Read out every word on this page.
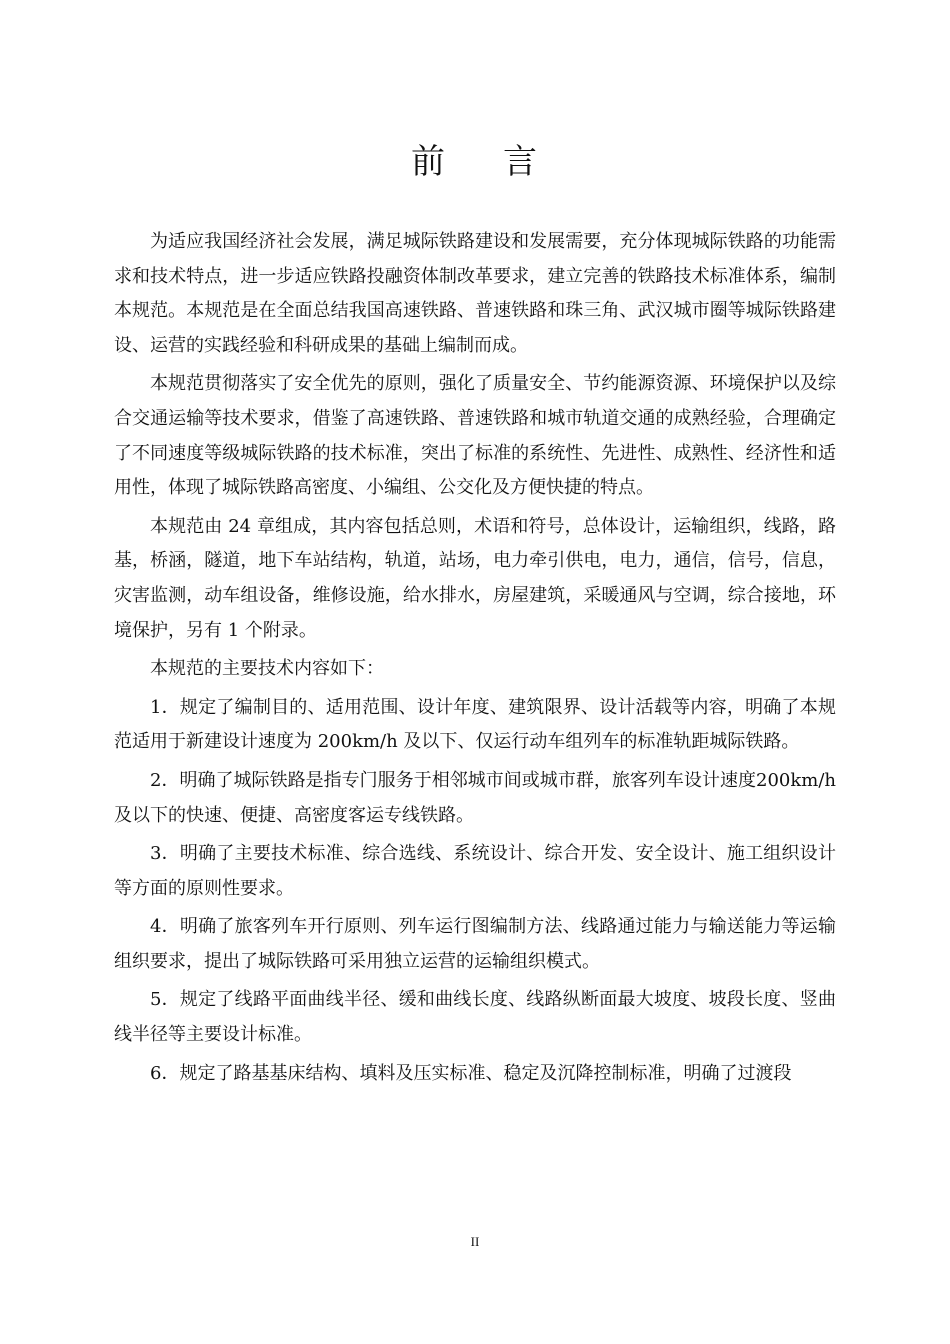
前 言

为适应我国经济社会发展，满足城际铁路建设和发展需要，充分体现城际铁路的功能需求和技术特点，进一步适应铁路投融资体制改革要求，建立完善的铁路技术标准体系，编制本规范。本规范是在全面总结我国高速铁路、普速铁路和珠三角、武汉城市圈等城际铁路建设、运营的实践经验和科研成果的基础上编制而成。

本规范贯彻落实了安全优先的原则，强化了质量安全、节约能源资源、环境保护以及综合交通运输等技术要求，借鉴了高速铁路、普速铁路和城市轨道交通的成熟经验，合理确定了不同速度等级城际铁路的技术标准，突出了标准的系统性、先进性、成熟性、经济性和适用性，体现了城际铁路高密度、小编组、公交化及方便快捷的特点。

本规范由 24 章组成，其内容包括总则，术语和符号，总体设计，运输组织，线路，路基，桥涵，隧道，地下车站结构，轨道，站场，电力牵引供电，电力，通信，信号，信息，灾害监测，动车组设备，维修设施，给水排水，房屋建筑，采暖通风与空调，综合接地，环境保护，另有 1 个附录。

本规范的主要技术内容如下：

1．规定了编制目的、适用范围、设计年度、建筑限界、设计活载等内容，明确了本规范适用于新建设计速度为 200km/h 及以下、仅运行动车组列车的标准轨距城际铁路。

2．明确了城际铁路是指专门服务于相邻城市间或城市群，旅客列车设计速度200km/h及以下的快速、便捷、高密度客运专线铁路。

3．明确了主要技术标准、综合选线、系统设计、综合开发、安全设计、施工组织设计等方面的原则性要求。

4．明确了旅客列车开行原则、列车运行图编制方法、线路通过能力与输送能力等运输组织要求，提出了城际铁路可采用独立运营的运输组织模式。

5．规定了线路平面曲线半径、缓和曲线长度、线路纵断面最大坡度、坡段长度、竖曲线半径等主要设计标准。

6．规定了路基基床结构、填料及压实标准、稳定及沉降控制标准，明确了过渡段

II
